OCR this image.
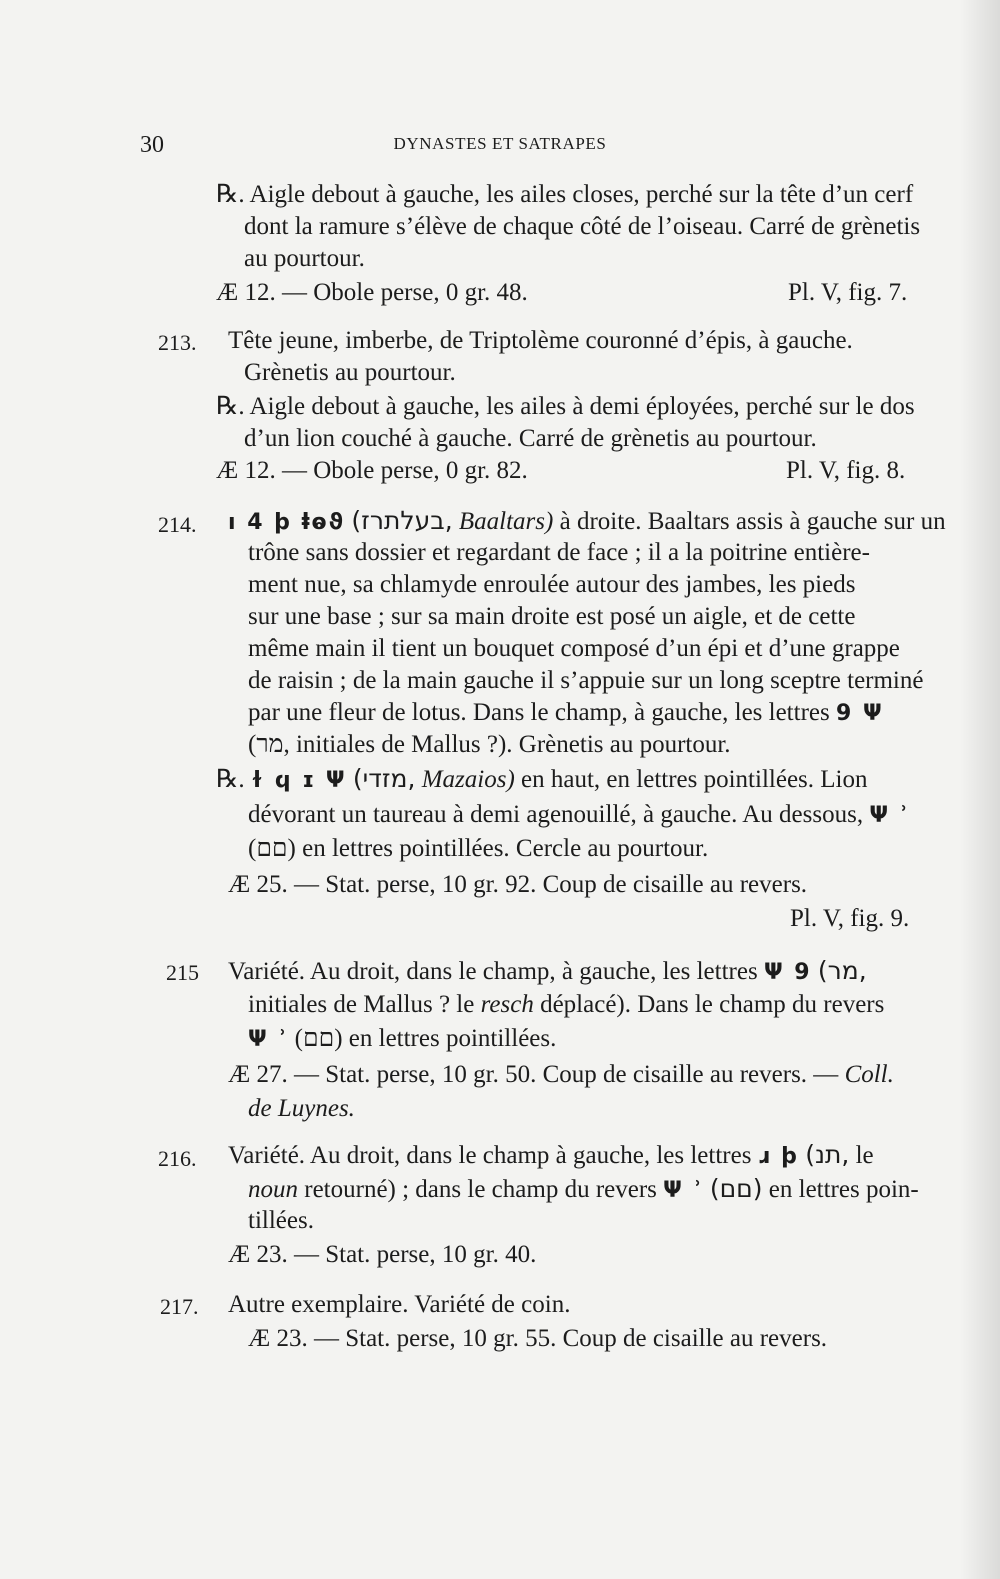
30	DYNASTES ET SATRAPES
℞. Aigle debout à gauche, les ailes closes, perché sur la tête d’un cerf
dont la ramure s’élève de chaque côté de l’oiseau. Carré de grènetis
au pourtour.
Æ 12. — Obole perse, 0 gr. 48.	Pl. V, fig. 7.
213. Tête jeune, imberbe, de Triptolème couronné d’épis, à gauche.
Grènetis au pourtour.
℞. Aigle debout à gauche, les ailes à demi éployées, perché sur le dos
d’un lion couché à gauche. Carré de grènetis au pourtour.
Æ 12. — Obole perse, 0 gr. 82.	Pl. V, fig. 8.
214. ı 4 ϸ ⱡⱺϑ (בעלתרז, Baaltars) à droite. Baaltars assis à gauche sur un
trône sans dossier et regardant de face ; il a la poitrine entière-
ment nue, sa chlamyde enroulée autour des jambes, les pieds
sur une base ; sur sa main droite est posé un aigle, et de cette
même main il tient un bouquet composé d’un épi et d’une grappe
de raisin ; de la main gauche il s’appuie sur un long sceptre terminé
par une fleur de lotus. Dans le champ, à gauche, les lettres 9 Ψ
(מר, initiales de Mallus ?). Grènetis au pourtour.
℞. ɫ ϥ ɪ Ψ (מזדי, Mazaios) en haut, en lettres pointillées. Lion
dévorant un taureau à demi agenouillé, à gauche. Au dessous, Ψ ʾ
(םם) en lettres pointillées. Cercle au pourtour.
Æ 25. — Stat. perse, 10 gr. 92. Coup de cisaille au revers.
Pl. V, fig. 9.
215 Variété. Au droit, dans le champ, à gauche, les lettres Ψ 9 (מר,
initiales de Mallus ? le resch déplacé). Dans le champ du revers
Ψ ʾ (םם) en lettres pointillées.
Æ 27. — Stat. perse, 10 gr. 50. Coup de cisaille au revers. — Coll.
de Luynes.
216. Variété. Au droit, dans le champ à gauche, les lettres ɹ ϸ (תנ, le
noun retourné) ; dans le champ du revers Ψ ʾ (םם) en lettres poin-
tillées.
Æ 23. — Stat. perse, 10 gr. 40.
217. Autre exemplaire. Variété de coin.
Æ 23. — Stat. perse, 10 gr. 55. Coup de cisaille au revers.
